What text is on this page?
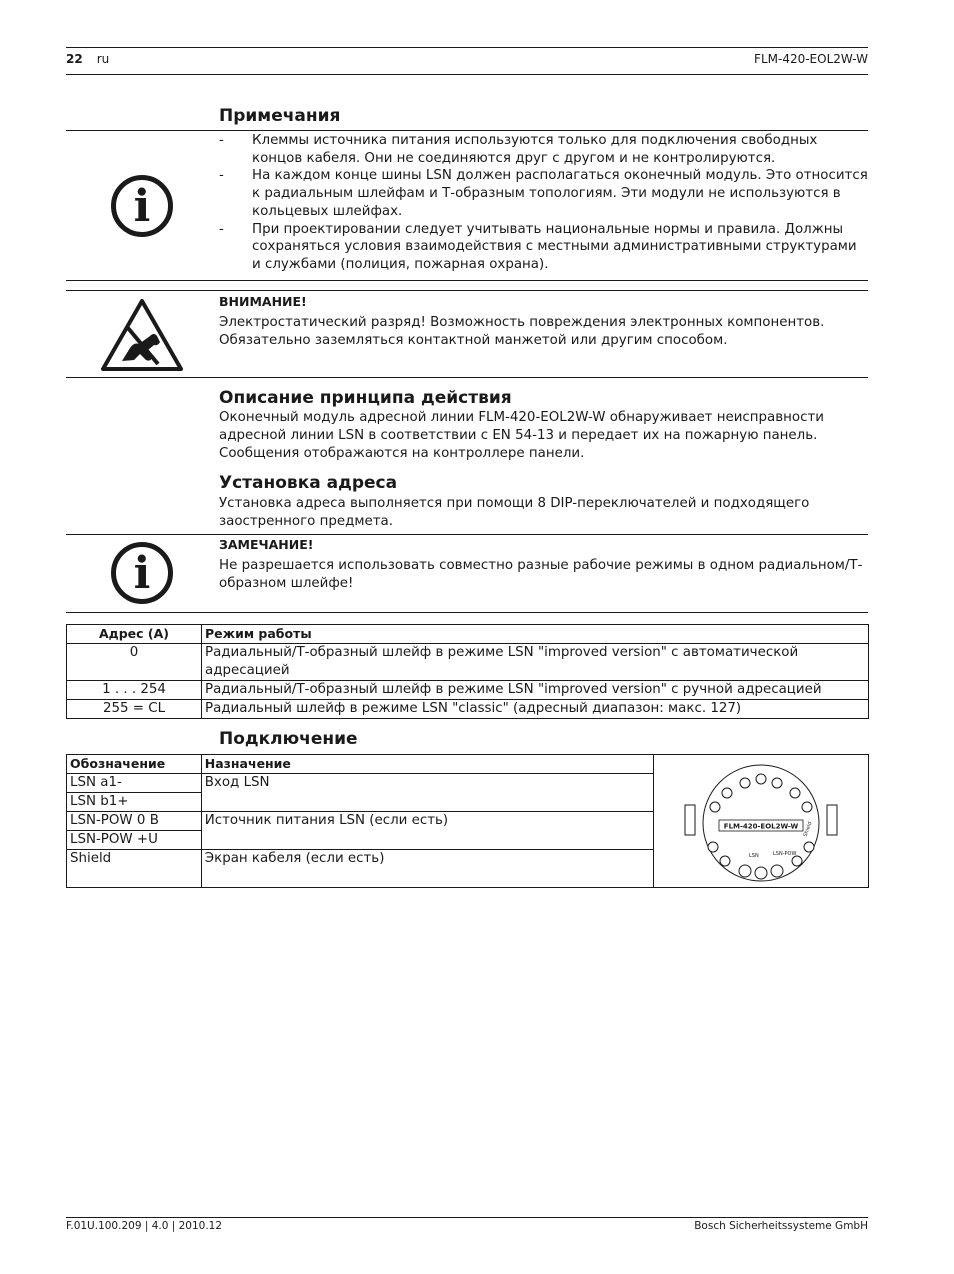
22 ru	FLM-420-EOL2W-W
Примечания
i
- Клеммы источника питания используются только для подключения свободных концов кабеля. Они не соединяются друг с другом и не контролируются.
- На каждом конце шины LSN должен располагаться оконечный модуль. Это относится к радиальным шлейфам и Т-образным топологиям. Эти модули не используются в кольцевых шлейфах.
- При проектировании следует учитывать национальные нормы и правила. Должны сохраняться условия взаимодействия с местными административными структурами и службами (полиция, пожарная охрана).
ВНИМАНИЕ!
Электростатический разряд! Возможность повреждения электронных компонентов.
Обязательно заземляться контактной манжетой или другим способом.
Описание принципа действия
Оконечный модуль адресной линии FLM-420-EOL2W-W обнаруживает неисправности
адресной линии LSN в соответствии с EN 54-13 и передает их на пожарную панель.
Сообщения отображаются на контроллере панели.
Установка адреса
Установка адреса выполняется при помощи 8 DIP-переключателей и подходящего
заостренного предмета.
i
ЗАМЕЧАНИЕ!
Не разрешается использовать совместно разные рабочие режимы в одном радиальном/Т-
образном шлейфе!
Адрес (A)	Режим работы
0	Радиальный/Т-образный шлейф в режиме LSN "improved version" с автоматической адресацией
1 . . . 254	Радиальный/Т-образный шлейф в режиме LSN "improved version" с ручной адресацией
255 = CL	Радиальный шлейф в режиме LSN "classic" (адресный диапазон: макс. 127)
Подключение
Обозначение	Назначение	FLM-420-EOL2W-W
LSN LSN-POW
Shield

LSN a1-	Вход LSN	
LSN b1+		
LSN-POW 0 В	Источник питания LSN (если есть)	
LSN-POW +U		
Shield	Экран кабеля (если есть)	
F.01U.100.209 | 4.0 | 2010.12	Bosch Sicherheitssysteme GmbH
